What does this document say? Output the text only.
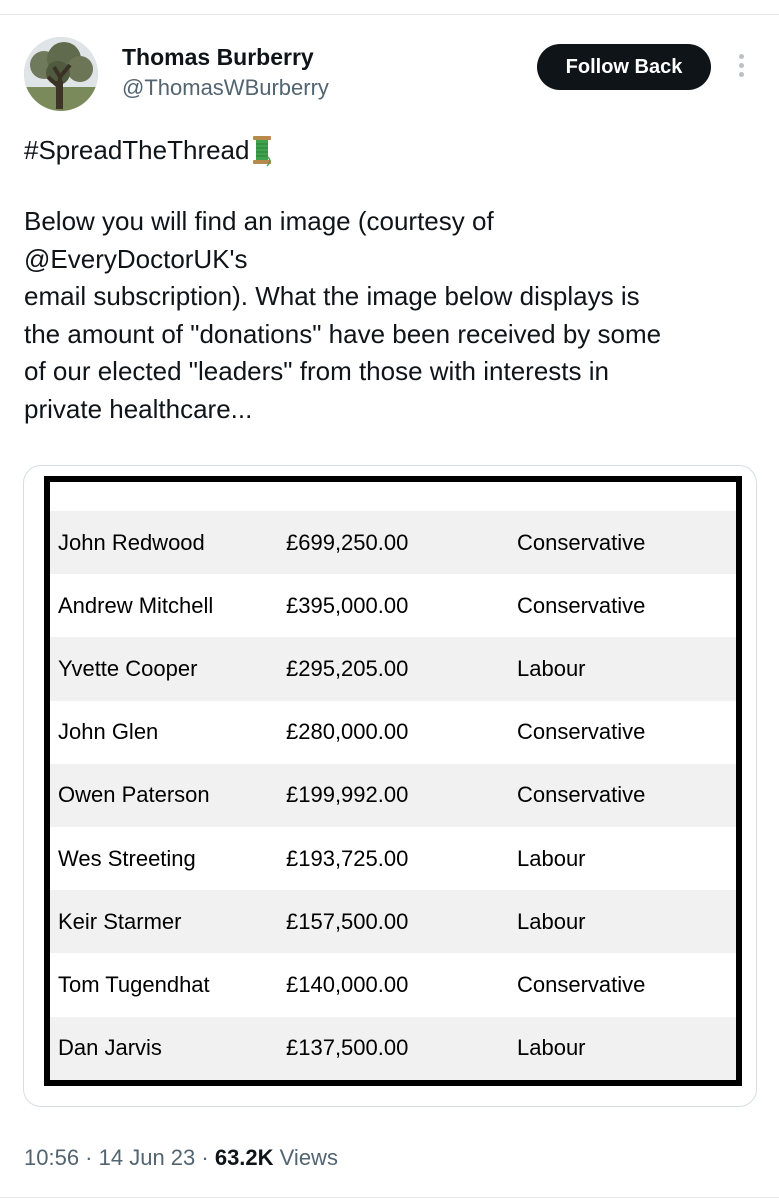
Thomas Burberry
@ThomasWBurberry
Follow Back
#SpreadTheThread
Below you will find an image (courtesy of
@EveryDoctorUK's
email subscription). What the image below displays is
the amount of "donations" have been received by some
of our elected "leaders" from those with interests in
private healthcare...
John Redwood	£699,250.00	Conservative
Andrew Mitchell	£395,000.00	Conservative
Yvette Cooper	£295,205.00	Labour
John Glen	£280,000.00	Conservative
Owen Paterson	£199,992.00	Conservative
Wes Streeting	£193,725.00	Labour
Keir Starmer	£157,500.00	Labour
Tom Tugendhat	£140,000.00	Conservative
Dan Jarvis	£137,500.00	Labour
10:56 · 14 Jun 23 · 63.2K Views
